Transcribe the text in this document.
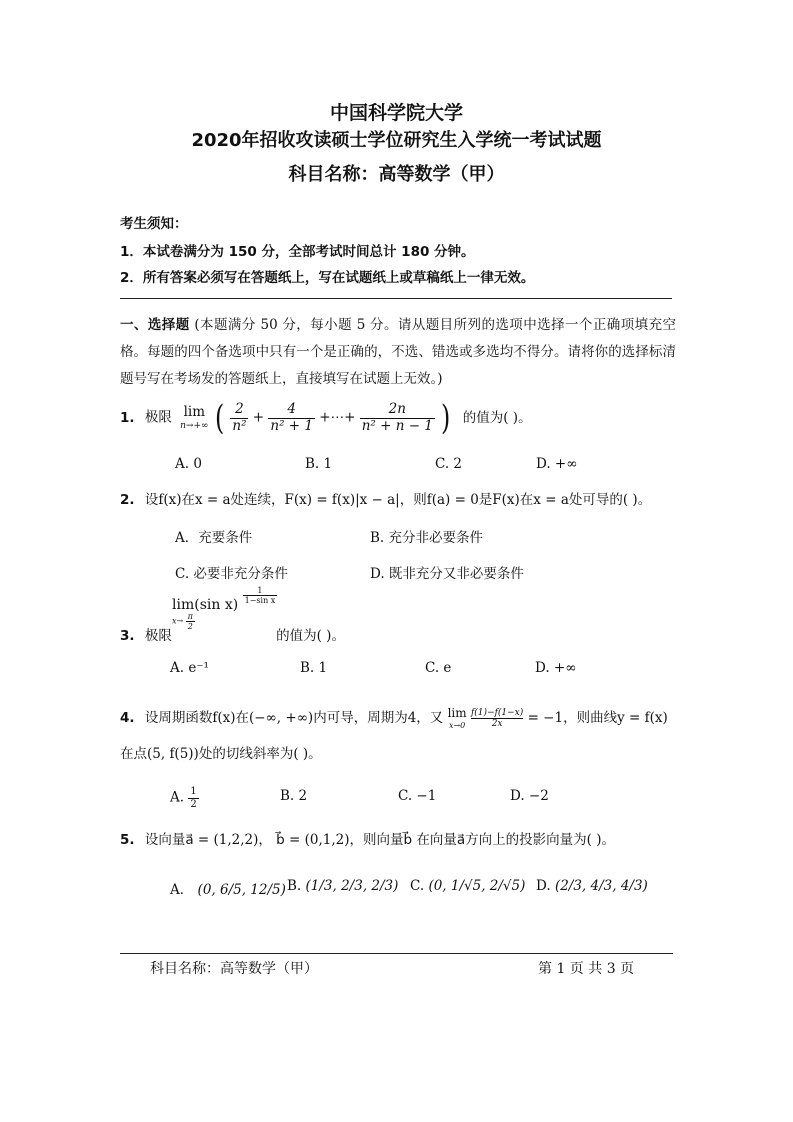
中国科学院大学
2020年招收攻读硕士学位研究生入学统一考试试题
科目名称：高等数学（甲）
考生须知：
1．本试卷满分为 150 分，全部考试时间总计 180 分钟。
2．所有答案必须写在答题纸上，写在试题纸上或草稿纸上一律无效。
一、选择题 (本题满分 50 分，每小题 5 分。请从题目所列的选项中选择一个正确项填充空格。每题的四个备选项中只有一个是正确的，不选、错选或多选均不得分。请将你的选择标清题号写在考场发的答题纸上，直接填写在试题上无效。)
1. 极限 lim
n→+∞ ( $\frac{2}{\text{n²}} + \frac{4}{\text{n² + 1}}$ +⋯+ $\frac{2n}{\text{n² + n − 1}}$ ) 的值为( )。
A. 0	B. 1	C. 2	D. +∞
2. 设f(x)在x = a处连续，F(x) = f(x)|x − a|，则f(a) = 0是F(x)在x = a处可导的( )。
A．充要条件	B. 充分非必要条件
C. 必要非充分条件	D. 既非充分又非必要条件
lim(sin $x) \frac{1}{\text{1−sin x}}$
$x\to \frac{\pi}{2}$
3. 极限	的值为( )。
A. e⁻¹	B. 1	C. e	D. +∞
4. 设周期函数f(x)在(−∞, +∞)内可导，周期为4，又 lim
x→0
$\frac{f(1)-f(1-x)}{2x} = -1$，则曲线y = f(x)
在点(5, f(5))处的切线斜率为( )。
A. $\frac{1}{2}$	B. 2	C. −1	D. −2
5. 设向量a⃗ = (1,2,2)， b⃗ = (0,1,2)，则向量b⃗ 在向量a⃗方向上的投影向量为( )。
A． (0, 6/5, 12/5) B. (1/3, 2/3, 2/3) C. (0, 1/√5, 2/√5) D. (2/3, 4/3, 4/3)
科目名称：高等数学（甲）	第 1 页 共 3 页
